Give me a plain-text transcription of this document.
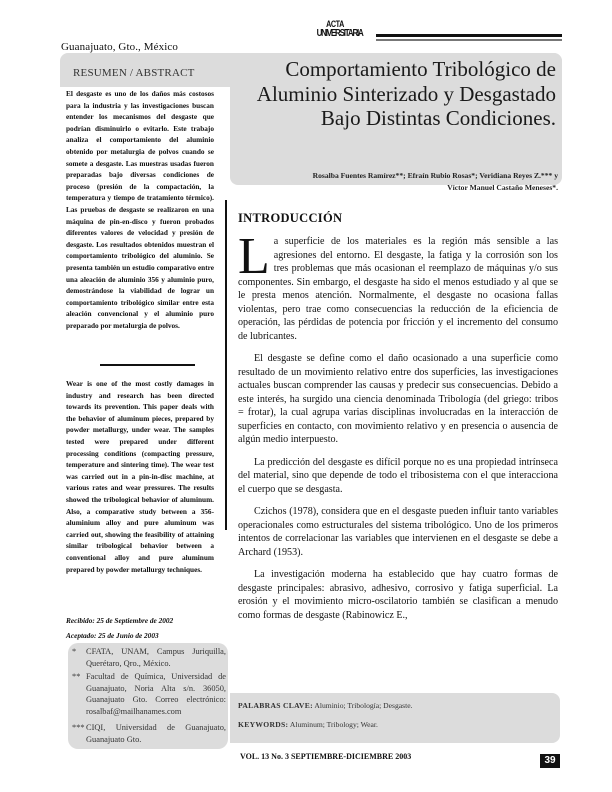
Guanajuato, Gto., México
ACTA
UNIVERSITARIA
RESUMEN / ABSTRACT	Comportamiento Tribológico de Aluminio Sinterizado y Desgastado Bajo Distintas Condiciones.
Rosalba Fuentes Ramírez**; Efraín Rubio Rosas*; Veridiana Reyes Z.*** y
Víctor Manuel Castaño Meneses*.
El desgaste es uno de los daños más costosos para la industria y las investigaciones buscan entender los mecanismos del desgaste que podrían disminuirlo o evitarlo. Este trabajo analiza el comportamiento del aluminio obtenido por metalurgia de polvos cuando se somete a desgaste. Las muestras usadas fueron preparadas bajo diversas condiciones de proceso (presión de la compactación, la temperatura y tiempo de tratamiento térmico). Las pruebas de desgaste se realizaron en una máquina de pin-en-disco y fueron probados diferentes valores de velocidad y presión de desgaste. Los resultados obtenidos muestran el comportamiento tribológico del aluminio. Se presenta también un estudio comparativo entre una aleación de aluminio 356 y aluminio puro, demostrándose la viabilidad de lograr un comportamiento tribológico similar entre esta aleación convencional y el aluminio puro preparado por metalurgia de polvos.
Wear is one of the most costly damages in industry and research has been directed towards its prevention. This paper deals with the behavior of aluminum pieces, prepared by powder metallurgy, under wear. The samples tested were prepared under different processing conditions (compacting pressure, temperature and sintering time). The wear test was carried out in a pin-in-disc machine, at various rates and wear pressures. The results showed the tribological behavior of aluminum. Also, a comparative study between a 356-aluminium alloy and pure aluminum was carried out, showing the feasibility of attaining similar tribological behavior between a conventional alloy and pure aluminum prepared by powder metallurgy techniques.
Recibido: 25 de Septiembre de 2002
Aceptado: 25 de Junio de 2003
*	CFATA, UNAM, Campus Juriquilla, Querétaro, Qro., México.
** Facultad de Química, Universidad de Guanajuato, Noria Alta s/n. 36050, Guanajuato Gto. Correo electrónico: rosalbaf@mailhanames.com
*** CIQI, Universidad de Guanajuato, Guanajuato Gto.
INTRODUCCIÓN

La superficie de los materiales es la región más sensible a las agresiones del entorno. El desgaste, la fatiga y la corrosión son los tres problemas que más ocasionan el reemplazo de máquinas y/o sus componentes. Sin embargo, el desgaste ha sido el menos estudiado y al que se le presta menos atención. Normalmente, el desgaste no ocasiona fallas violentas, pero trae como consecuencias la reducción de la eficiencia de operación, las pérdidas de potencia por fricción y el incremento del consumo de lubricantes.

El desgaste se define como el daño ocasionado a una superficie como resultado de un movimiento relativo entre dos superficies, las investigaciones actuales buscan comprender las causas y predecir sus consecuencias. Debido a este interés, ha surgido una ciencia denominada Tribología (del griego: tribos = frotar), la cual agrupa varias disciplinas involucradas en la interacción de superficies en contacto, con movimiento relativo y en presencia o ausencia de algún medio interpuesto.

La predicción del desgaste es difícil porque no es una propiedad intrínseca del material, sino que depende de todo el tribosistema con el que interacciona el cuerpo que se desgasta.

Czichos (1978), considera que en el desgaste pueden influir tanto variables operacionales como estructurales del sistema tribológico. Uno de los primeros intentos de correlacionar las variables que intervienen en el desgaste se debe a Archard (1953).

La investigación moderna ha establecido que hay cuatro formas de desgaste principales: abrasivo, adhesivo, corrosivo y fatiga superficial. La erosión y el movimiento micro-oscilatorio también se clasifican a menudo como formas de desgaste (Rabinowicz E.,

PALABRAS CLAVE: Aluminio; Tribología; Desgaste.
KEYWORDS: Aluminum; Tribology; Wear.
VOL. 13 No. 3 SEPTIEMBRE-DICIEMBRE 2003	39
